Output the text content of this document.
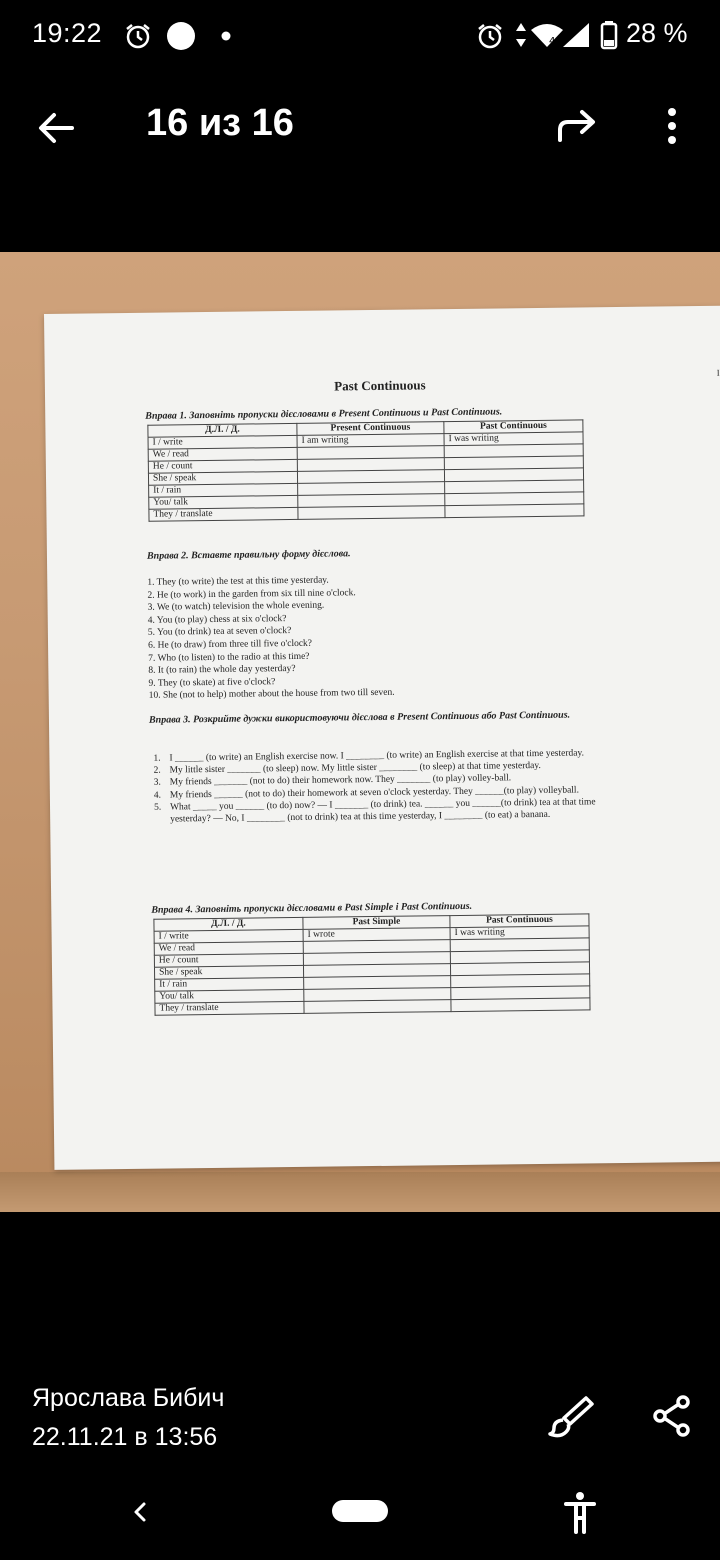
19:22	4	28 %
16 из 16
I
Past Continuous
Вправа 1. Заповніть пропуски дієсловами в Present Continuous и Past Continuous.
Д.Л. / Д.	Present Continuous	Past Continuous
I / write	I am writing	I was writing
We / read		
He / count		
She / speak		
It / rain		
You/ talk		
They / translate		
Вправа 2. Вставте правильну форму дієслова.
1. They (to write) the test at this time yesterday.
2. He (to work) in the garden from six till nine o'clock.
3. We (to watch) television the whole evening.
4. You (to play) chess at six o'clock?
5. You (to drink) tea at seven o'clock?
6. He (to draw) from three till five o'clock?
7. Who (to listen) to the radio at this time?
8. It (to rain) the whole day yesterday?
9. They (to skate) at five o'clock?
10. She (not to help) mother about the house from two till seven.
Вправа 3. Розкрийте дужки використовуючи дієслова в Present Continuous або Past Continuous.
1. I ______ (to write) an English exercise now. I ________ (to write) an English exercise at that time yesterday.
2. My little sister _______ (to sleep) now. My little sister ________ (to sleep) at that time yesterday.
3. My friends _______ (not to do) their homework now. They _______ (to play) volley-ball.
4. My friends ______ (not to do) their homework at seven o'clock yesterday. They ______(to play) volleyball.
5. What _____ you ______ (to do) now? — I _______ (to drink) tea. ______ you ______(to drink) tea at that time yesterday? — No, I ________ (not to drink) tea at this time yesterday, I ________ (to eat) a banana.
Вправа 4. Заповніть пропуски дієсловами в Past Simple і Past Continuous.
Д.Л. / Д.	Past Simple	Past Continuous
I / write	I wrote	I was writing
We / read		
He / count		
She / speak		
It / rain		
You/ talk		
They / translate		
Ярослава Бибич
22.11.21 в 13:56
